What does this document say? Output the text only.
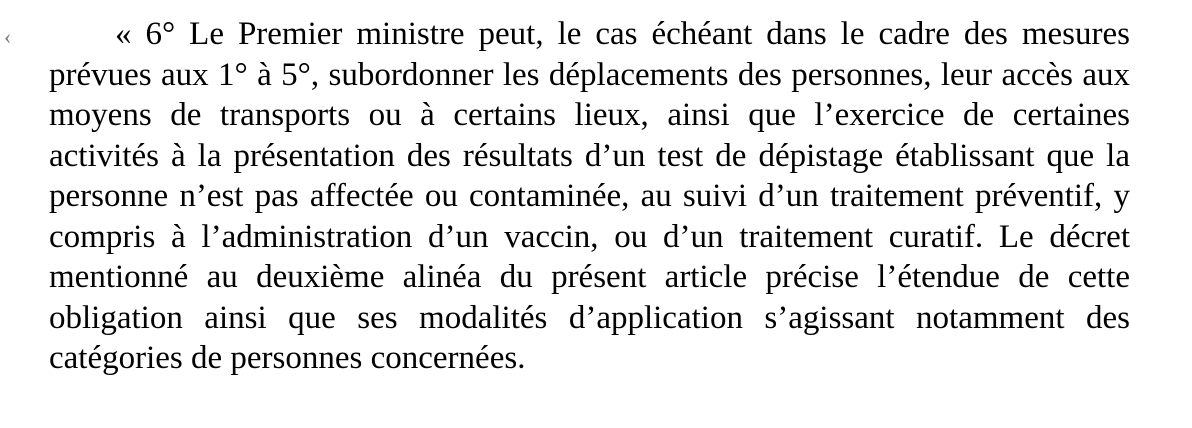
‹	« 6° Le Premier ministre peut, le cas échéant dans le cadre des mesures prévues aux 1° à 5°, subordonner les déplacements des personnes, leur accès aux moyens de transports ou à certains lieux, ainsi que l’exercice de certaines activités à la présentation des résultats d’un test de dépistage établissant que la personne n’est pas affectée ou contaminée, au suivi d’un traitement préventif, y compris à l’administration d’un vaccin, ou d’un traitement curatif. Le décret mentionné au deuxième alinéa du présent article précise l’étendue de cette obligation ainsi que ses modalités d’application s’agissant notamment des catégories de personnes concernées.
